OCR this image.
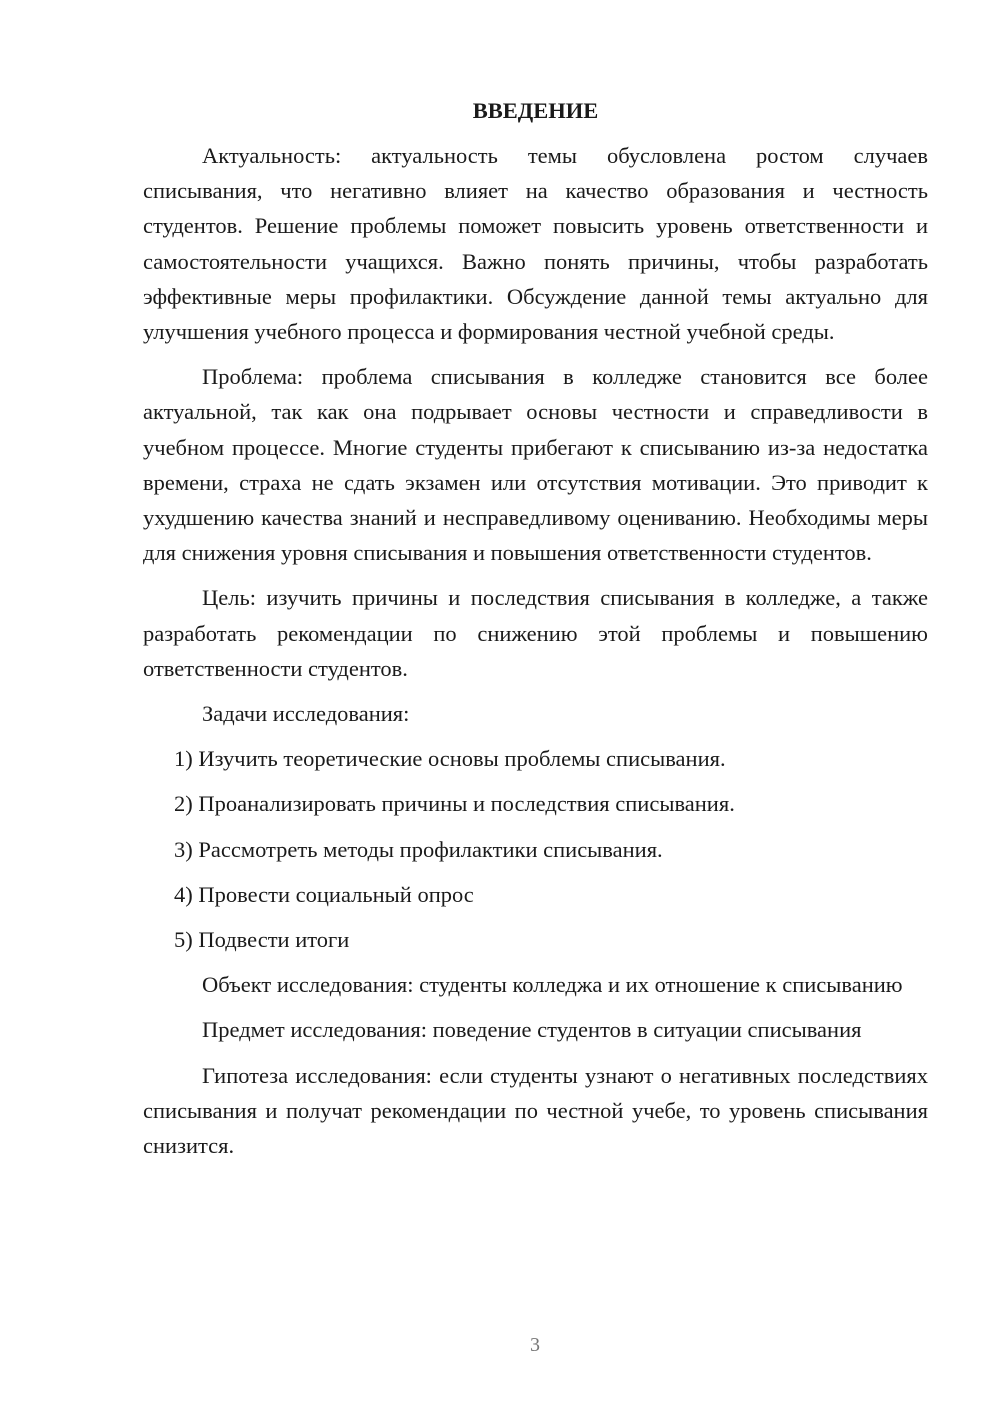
ВВЕДЕНИЕ

Актуальность: актуальность темы обусловлена ростом случаев списывания, что негативно влияет на качество образования и честность студентов. Решение проблемы поможет повысить уровень ответственности и самостоятельности учащихся. Важно понять причины, чтобы разработать эффективные меры профилактики. Обсуждение данной темы актуально для улучшения учебного процесса и формирования честной учебной среды.

Проблема: проблема списывания в колледже становится все более актуальной, так как она подрывает основы честности и справедливости в учебном процессе. Многие студенты прибегают к списыванию из-за недостатка времени, страха не сдать экзамен или отсутствия мотивации. Это приводит к ухудшению качества знаний и несправедливому оцениванию. Необходимы меры для снижения уровня списывания и повышения ответственности студентов.

Цель: изучить причины и последствия списывания в колледже, а также разработать рекомендации по снижению этой проблемы и повышению ответственности студентов.

Задачи исследования:

1) Изучить теоретические основы проблемы списывания.

2) Проанализировать причины и последствия списывания.

3) Рассмотреть методы профилактики списывания.

4) Провести социальный опрос

5) Подвести итоги

Объект исследования: студенты колледжа и их отношение к списыванию

Предмет исследования: поведение студентов в ситуации списывания

Гипотеза исследования: если студенты узнают о негативных последствиях списывания и получат рекомендации по честной учебе, то уровень списывания снизится.

3
